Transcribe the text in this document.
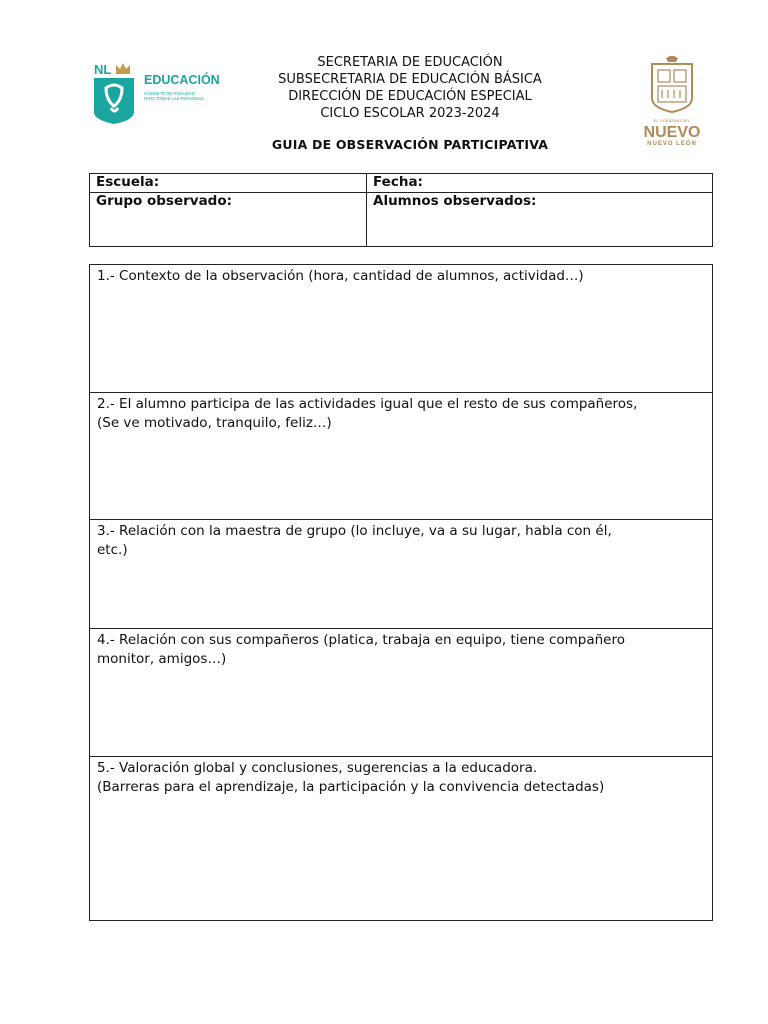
NL
EDUCACIÓN
GABINETE DE IGUALDAD
PARA TODAS LAS PERSONAS
SECRETARIA DE EDUCACIÓN
SUBSECRETARIA DE EDUCACIÓN BÁSICA
DIRECCIÓN DE EDUCACIÓN ESPECIAL
CICLO ESCOLAR 2023-2024	EL GOBIERNO DEL
NUEVO
NUEVO LEÓN
GUIA DE OBSERVACIÓN PARTICIPATIVA
Escuela:	Fecha:
Grupo observado:	Alumnos observados:
1.- Contexto de la observación (hora, cantidad de alumnos, actividad…)

2.- El alumno participa de las actividades igual que el resto de sus compañeros,
(Se ve motivado, tranquilo, feliz…)

3.- Relación con la maestra de grupo (lo incluye, va a su lugar, habla con él,
etc.)

4.- Relación con sus compañeros (platica, trabaja en equipo, tiene compañero
monitor, amigos…)

5.- Valoración global y conclusiones, sugerencias a la educadora.
(Barreras para el aprendizaje, la participación y la convivencia detectadas)
